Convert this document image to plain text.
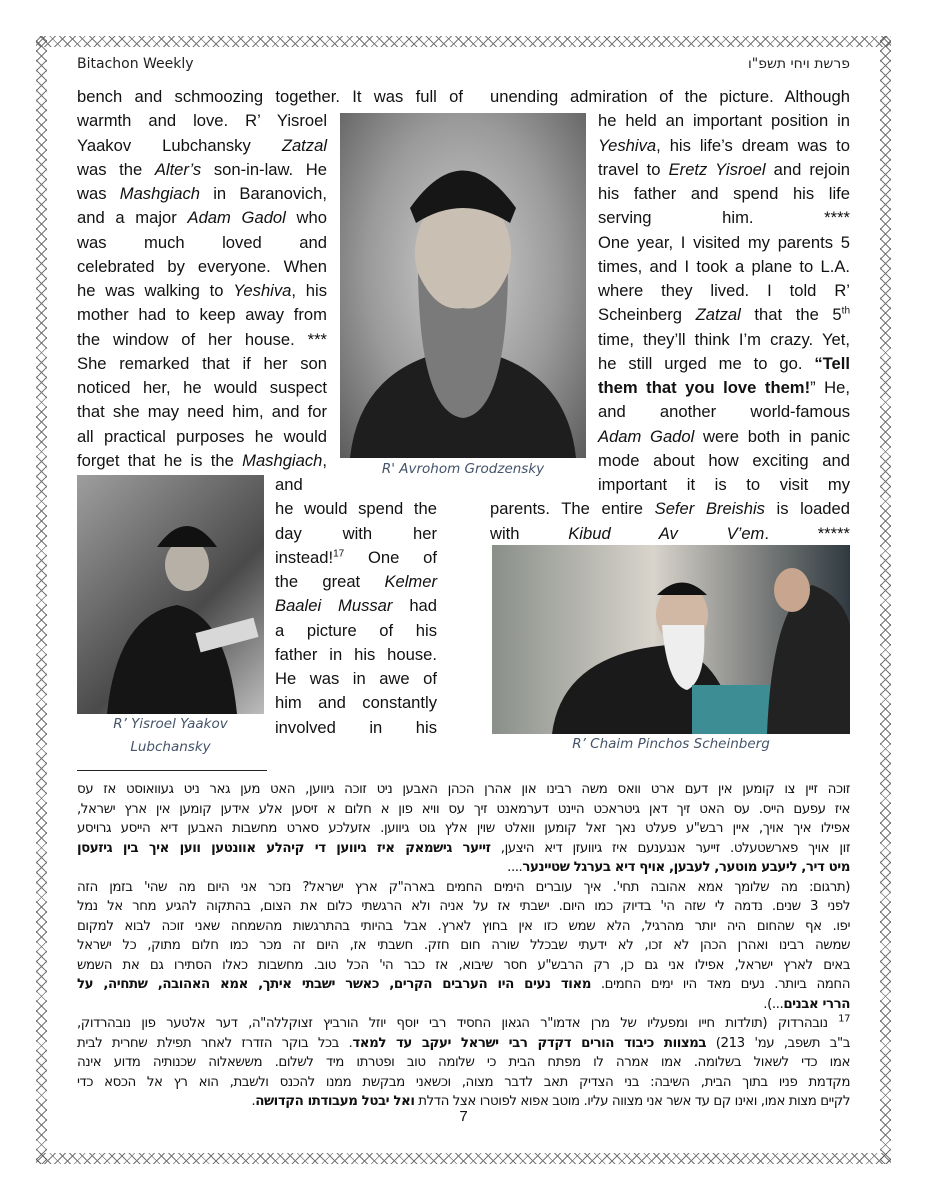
Bitachon Weekly	פרשת ויחי תשפ"ו
bench and schmoozing together. It was full of
warmth and love. R’ Yisroel
Yaakov Lubchansky Zatzal
was the Alter’s son-in-law. He
was Mashgiach in Baranovich,
and a major Adam Gadol who
was much loved and
celebrated by everyone. When
he was walking to Yeshiva, his
mother had to keep away from
the window of her house. ***
She remarked that if her son
noticed her, he would suspect
that she may need him, and for
all practical purposes he would
forget that he is the Mashgiach,
and
he would spend the
day with her
instead!$^{17}$ One of
the great Kelmer
Baalei Mussar had
a picture of his
father in his house.
He was in awe of
him and constantly
involved in his
unending admiration of the picture. Although
he held an important position in
Yeshiva, his life’s dream was to
travel to Eretz Yisroel and rejoin
his father and spend his life
serving him. ****
One year, I visited my parents 5
times, and I took a plane to L.A.
where they lived. I told R’
Scheinberg Zatzal that the 5th
time, they’ll think I’m crazy. Yet,
he still urged me to go. “Tell
them that you love them!” He,
and another world-famous
Adam Gadol were both in panic
mode about how exciting and
important it is to visit my
parents. The entire Sefer Breishis is loaded
with Kibud Av V’em. *****
R' Avrohom Grodzensky
R’ Yisroel Yaakov
Lubchansky	R’ Chaim Pinchos Scheinberg
זוכה זיין צו קומען אין דעם ארט וואס משה רבינו און אהרן הכהן האבען ניט זוכה גיווען, האט מען גאר ניט געוואוסט אז עס
איז עפעם הייס. עס האט זיך דאן גיטראכט היינט דערמאנט זיך עס וויא פון א חלום א זיסען אלע אידען קומען אין ארץ ישראל,
אפילו איך אויך, איין רבש"ע פעלט נאך זאל קומען וואלט שוין אלץ גוט גיווען. אזעלכע סארט מחשבות האבען דיא הייסע גרויסע
זון אויך פארשטעלט. זייער אנגענעם איז גיוועזן דיא היצען, זייער גישמאק איז גיווען די קיהלע אוונטען ווען איך בין גיזעסן
מיט דיר, ליעבע מוטער, לעבען, אויף דיא בערגל שטיינער....
(תרגום: מה שלומך אמא אהובה תחי'. איך עוברים הימים החמים בארה"ק ארץ ישראל? נזכר אני היום מה שהי' בזמן הזה
לפני 3 שנים. נדמה לי שזה הי' בדיוק כמו היום. ישבתי אז על אניה ולא הרגשתי כלום את הצום, בהתקוה להגיע מחר אל נמל
יפו. אף שהחום היה יותר מהרגיל, הלא שמש כזו אין בחוץ לארץ. אבל בהיותי בהתרגשות מהשמחה שאני זוכה לבוא למקום
שמשה רבינו ואהרן הכהן לא זכו, לא ידעתי שבכלל שורה חום חזק. חשבתי אז, היום זה מכר כמו חלום מתוק, כל ישראל
באים לארץ ישראל, אפילו אני גם כן, רק הרבש"ע חסר שיבוא, אז כבר הי' הכל טוב. מחשבות כאלו הסתירו גם את השמש
החמה ביותר. נעים מאד היו ימים החמים. מאוד נעים היו הערבים הקרים, כאשר ישבתי איתך, אמא האהובה, שתחיה, על
הררי אבנים...).
$^{17}$ נובהרדוק (תולדות חייו ומפעליו של מרן אדמו"ר הגאון החסיד רבי יוסף יוזל הורביץ זצוקללה"ה, דער אלטער פון נובהרדוק,
ב"ב תשפב, עמ' 213) במצוות כיבוד הורים דקדק רבי ישראל יעקב עד למאד. בכל בוקר הזדרז לאחר תפילת שחרית לבית
אמו כדי לשאול בשלומה. אמו אמרה לו מפתח הבית כי שלומה טוב ופטרתו מיד לשלום. מששאלוה שכנותיה מדוע אינה
מקדמת פניו בתוך הבית, השיבה: בני הצדיק תאב לדבר מצוה, וכשאני מבקשת ממנו להכנס ולשבת, הוא רץ אל הכסא כדי
לקיים מצות אמו, ואינו קם עד אשר אני מצווה עליו. מוטב אפוא לפוטרו אצל הדלת ואל יבטל מעבודתו הקדושה.
7
